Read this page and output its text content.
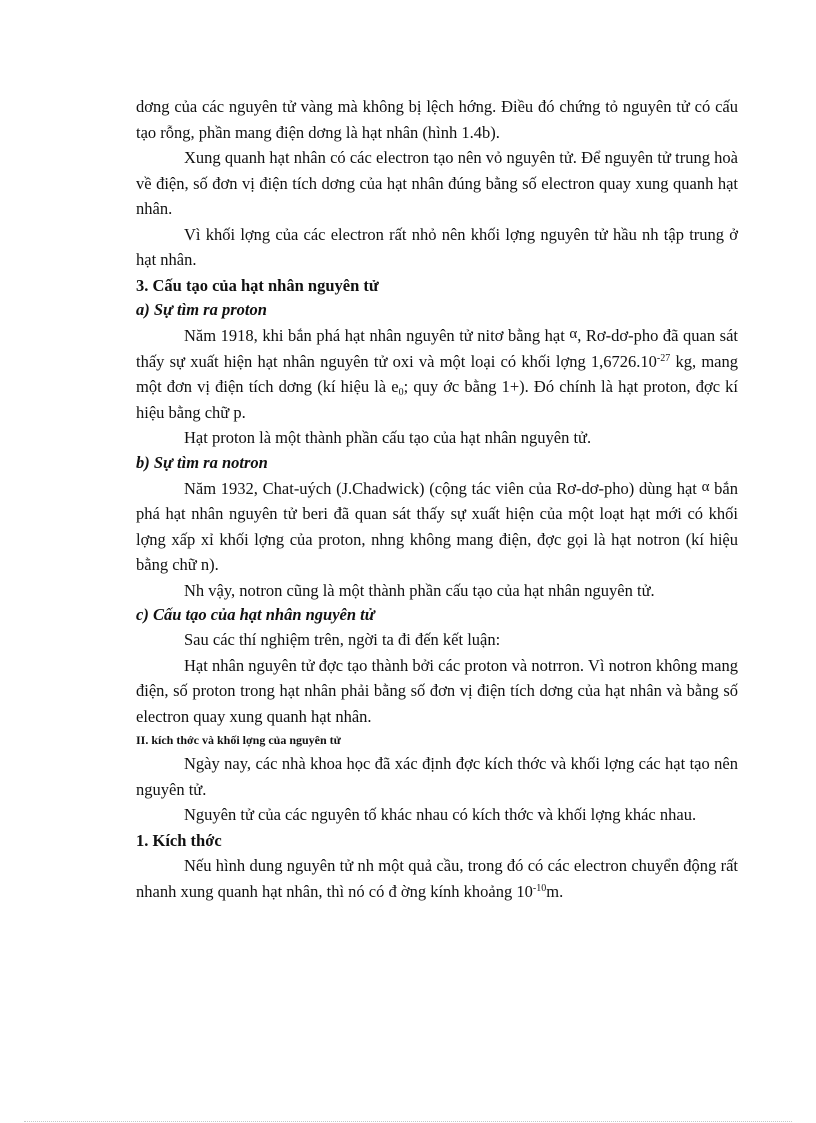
dơng của các nguyên tử vàng mà không bị lệch hớng. Điều đó chứng tỏ nguyên tử có cấu tạo rỗng, phần mang điện dơng là hạt nhân (hình 1.4b).

Xung quanh hạt nhân có các electron tạo nên vỏ nguyên tử. Để nguyên tử trung hoà về điện, số đơn vị điện tích dơng của hạt nhân đúng bằng số electron quay xung quanh hạt nhân.

Vì khối lợng của các electron rất nhỏ nên khối lợng nguyên tử hầu nh tập trung ở hạt nhân.

3. Cấu tạo của hạt nhân nguyên tử

a) Sự tìm ra proton

Năm 1918, khi bắn phá hạt nhân nguyên tử nitơ bằng hạt α, Rơ-dơ-pho đã quan sát thấy sự xuất hiện hạt nhân nguyên tử oxi và một loại có khối lợng $1,6726.10^{-27}$ kg, mang một đơn vị điện tích dơng (kí hiệu là $e_0$; quy ớc bằng 1+). Đó chính là hạt proton, đợc kí hiệu bằng chữ p.

Hạt proton là một thành phần cấu tạo của hạt nhân nguyên tử.

b) Sự tìm ra notron

Năm 1932, Chat-uých (J.Chadwick) (cộng tác viên của Rơ-dơ-pho) dùng hạt α bắn phá hạt nhân nguyên tử beri đã quan sát thấy sự xuất hiện của một loạt hạt mới có khối lợng xấp xỉ khối lợng của proton, nhng không mang điện, đợc gọi là hạt notron (kí hiệu bằng chữ n).

Nh vậy, notron cũng là một thành phần cấu tạo của hạt nhân nguyên tử.

c) Cấu tạo của hạt nhân nguyên tử

Sau các thí nghiệm trên, ngời ta đi đến kết luận:

Hạt nhân nguyên tử đợc tạo thành bởi các proton và notrron. Vì notron không mang điện, số proton trong hạt nhân phải bằng số đơn vị điện tích dơng của hạt nhân và bằng số electron quay xung quanh hạt nhân.

II. kích thớc và khối lợng của nguyên tử

Ngày nay, các nhà khoa học đã xác định đợc kích thớc và khối lợng các hạt tạo nên nguyên tử.

Nguyên tử của các nguyên tố khác nhau có kích thớc và khối lợng khác nhau.

1. Kích thớc

Nếu hình dung nguyên tử nh một quả cầu, trong đó có các electron chuyển động rất nhanh xung quanh hạt nhân, thì nó có đ ờng kính khoảng $10^{-10}m$.
